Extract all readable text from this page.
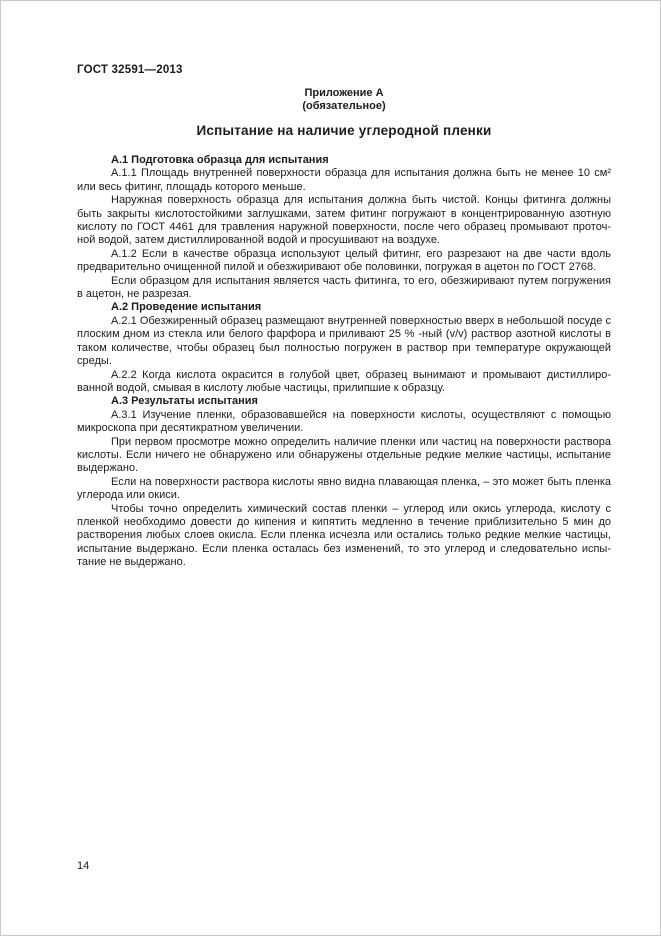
ГОСТ 32591—2013
Приложение А
(обязательное)
Испытание на наличие углеродной пленки

А.1 Подготовка образца для испытания

А.1.1 Площадь внутренней поверхности образца для испытания должна быть не менее 10 см² или весь фитинг, площадь которого меньше.

Наружная поверхность образца для испытания должна быть чистой. Концы фитинга должны быть закрыты кислотостойкими заглушками, затем фитинг погружают в концентрированную азотную кислоту по ГОСТ 4461 для травления наружной поверхности, после чего образец промывают проточной водой, затем дистиллированной водой и просушивают на воздухе.

А.1.2 Если в качестве образца используют целый фитинг, его разрезают на две части вдоль предварительно очищенной пилой и обезжиривают обе половинки, погружая в ацетон по ГОСТ 2768.

Если образцом для испытания является часть фитинга, то его, обезжиривают путем погружения в ацетон, не разрезая.

А.2 Проведение испытания

А.2.1 Обезжиренный образец размещают внутренней поверхностью вверх в небольшой посуде с плоским дном из стекла или белого фарфора и приливают 25 % -ный (v/v) раствор азотной кислоты в таком количестве, чтобы образец был полностью погружен в раствор при температуре окружающей среды.

А.2.2 Когда кислота окрасится в голубой цвет, образец вынимают и промывают дистиллированной водой, смывая в кислоту любые частицы, прилипшие к образцу.

А.3 Результаты испытания

А.3.1 Изучение пленки, образовавшейся на поверхности кислоты, осуществляют с помощью микроскопа при десятикратном увеличении.

При первом просмотре можно определить наличие пленки или частиц на поверхности раствора кислоты. Если ничего не обнаружено или обнаружены отдельные редкие мелкие частицы, испытание выдержано.

Если на поверхности раствора кислоты явно видна плавающая пленка, – это может быть пленка углерода или окиси.

Чтобы точно определить химический состав пленки – углерод или окись углерода, кислоту с пленкой необходимо довести до кипения и кипятить медленно в течение приблизительно 5 мин до растворения любых слоев окисла. Если пленка исчезла или остались только редкие мелкие частицы, испытание выдержано. Если пленка осталась без изменений, то это углерод и следовательно испытание не выдержано.

14
